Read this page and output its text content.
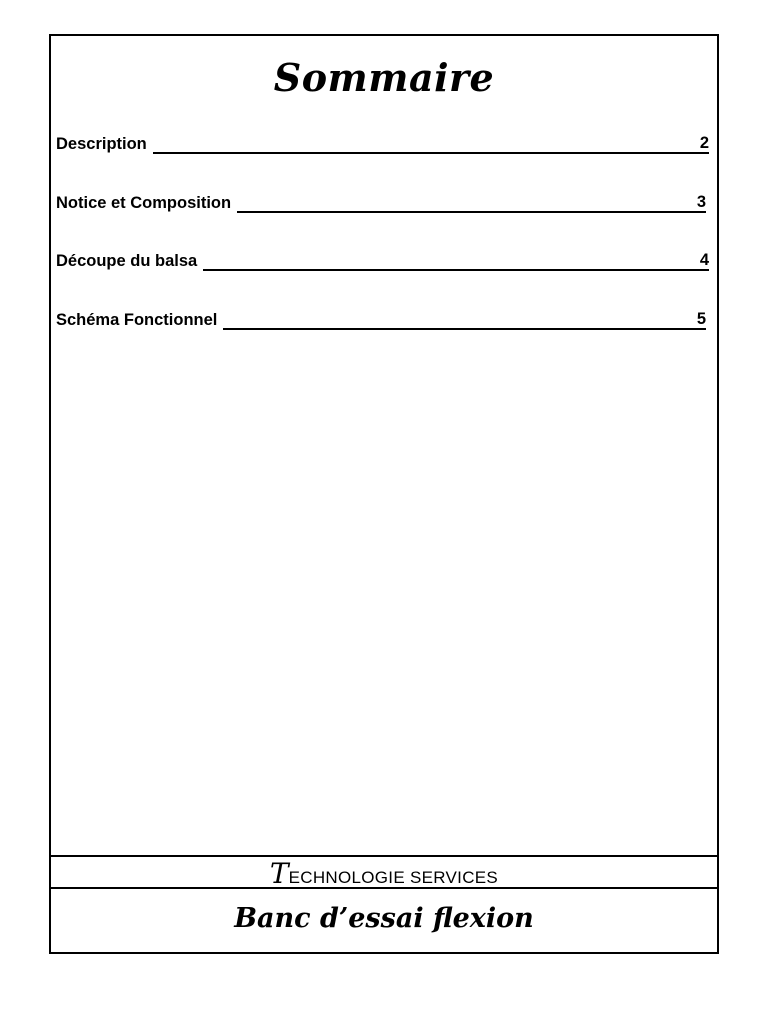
Sommaire
Description	2
Notice et Composition	3
Découpe du balsa	4
Schéma Fonctionnel	5
TECHNOLOGIE SERVICES
Banc d’essai flexion
